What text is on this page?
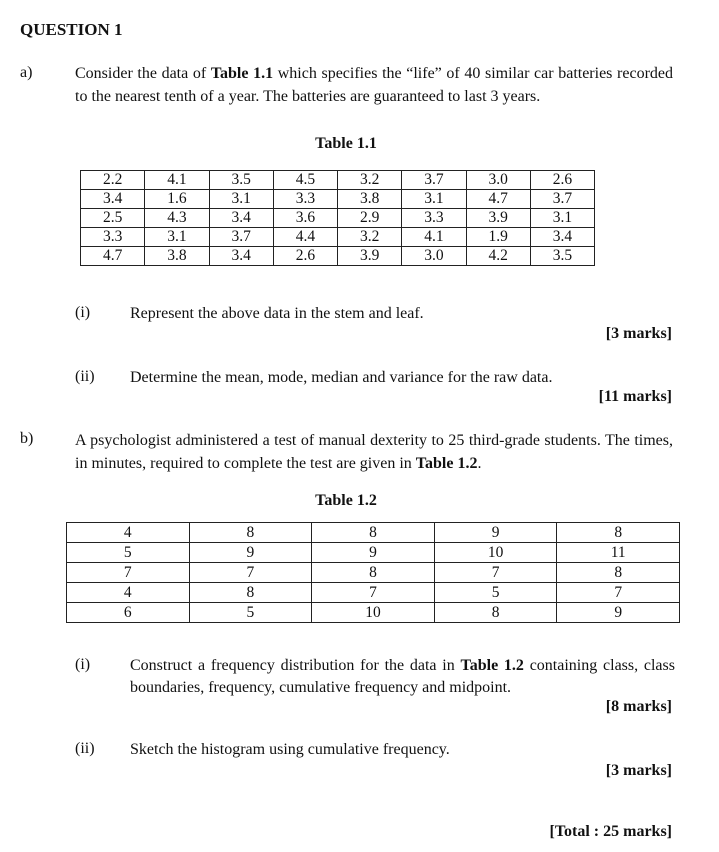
QUESTION 1
a)	Consider the data of Table 1.1 which specifies the “life” of 40 similar car batteries recorded to the nearest tenth of a year. The batteries are guaranteed to last 3 years.
Table 1.1
2.2	4.1	3.5	4.5	3.2	3.7	3.0	2.6
3.4	1.6	3.1	3.3	3.8	3.1	4.7	3.7
2.5	4.3	3.4	3.6	2.9	3.3	3.9	3.1
3.3	3.1	3.7	4.4	3.2	4.1	1.9	3.4
4.7	3.8	3.4	2.6	3.9	3.0	4.2	3.5
(i) Represent the above data in the stem and leaf.
[3 marks]
(ii) Determine the mean, mode, median and variance for the raw data.
[11 marks]
b)	A psychologist administered a test of manual dexterity to 25 third-grade students. The times, in minutes, required to complete the test are given in Table 1.2.
Table 1.2
4	8	8	9	8
5	9	9	10	11
7	7	8	7	8
4	8	7	5	7
6	5	10	8	9
(i) Construct a frequency distribution for the data in Table 1.2 containing class, class boundaries, frequency, cumulative frequency and midpoint.
[8 marks]
(ii) Sketch the histogram using cumulative frequency.
[3 marks]
[Total : 25 marks]
